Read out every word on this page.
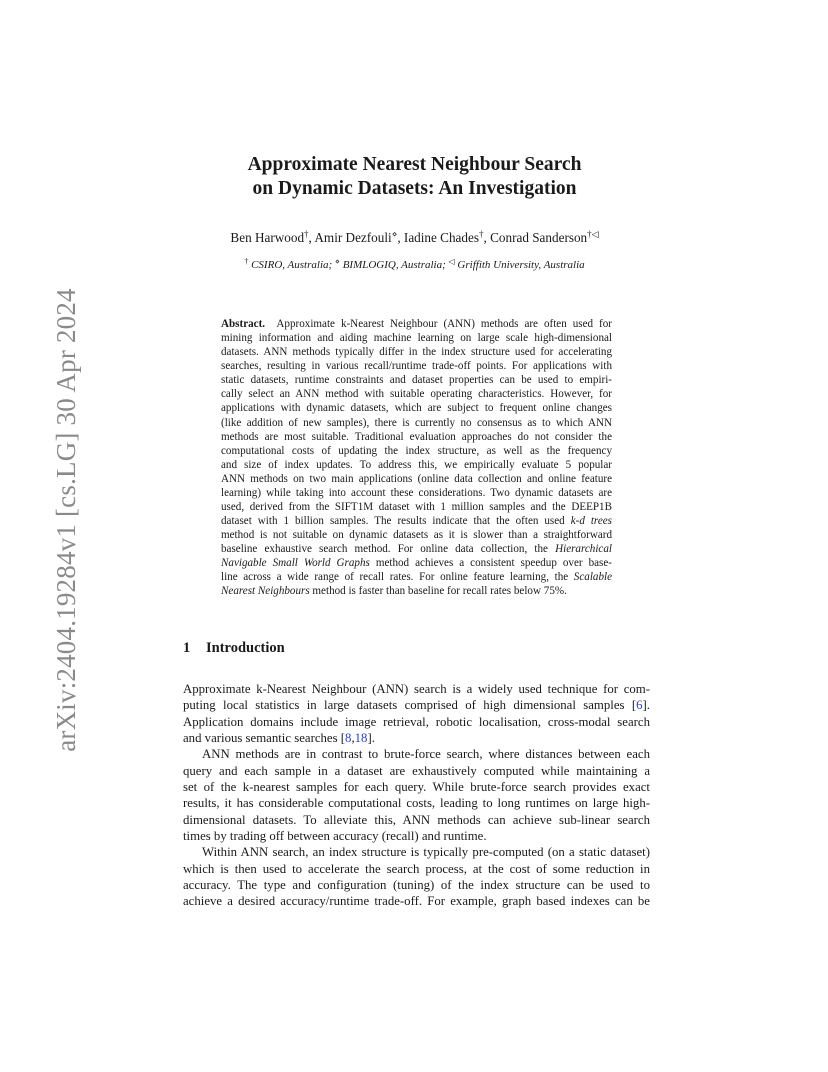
arXiv:2404.19284v1 [cs.LG] 30 Apr 2024
Approximate Nearest Neighbour Search
on Dynamic Datasets: An Investigation
Ben Harwood†, Amir Dezfouli⋄, Iadine Chades†, Conrad Sanderson†◁
† CSIRO, Australia; ⋄ BIMLOGIQ, Australia; ◁ Griffith University, Australia
Abstract. Approximate k-Nearest Neighbour (ANN) methods are often used for
mining information and aiding machine learning on large scale high-dimensional
datasets. ANN methods typically differ in the index structure used for accelerating
searches, resulting in various recall/runtime trade-off points. For applications with
static datasets, runtime constraints and dataset properties can be used to empiri-
cally select an ANN method with suitable operating characteristics. However, for
applications with dynamic datasets, which are subject to frequent online changes
(like addition of new samples), there is currently no consensus as to which ANN
methods are most suitable. Traditional evaluation approaches do not consider the
computational costs of updating the index structure, as well as the frequency
and size of index updates. To address this, we empirically evaluate 5 popular
ANN methods on two main applications (online data collection and online feature
learning) while taking into account these considerations. Two dynamic datasets are
used, derived from the SIFT1M dataset with 1 million samples and the DEEP1B
dataset with 1 billion samples. The results indicate that the often used k-d trees
method is not suitable on dynamic datasets as it is slower than a straightforward
baseline exhaustive search method. For online data collection, the Hierarchical
Navigable Small World Graphs method achieves a consistent speedup over base-
line across a wide range of recall rates. For online feature learning, the Scalable
Nearest Neighbours method is faster than baseline for recall rates below 75%.
1 Introduction
Approximate k-Nearest Neighbour (ANN) search is a widely used technique for com-
puting local statistics in large datasets comprised of high dimensional samples [6].
Application domains include image retrieval, robotic localisation, cross-modal search
and various semantic searches [8,18].
ANN methods are in contrast to brute-force search, where distances between each
query and each sample in a dataset are exhaustively computed while maintaining a
set of the k-nearest samples for each query. While brute-force search provides exact
results, it has considerable computational costs, leading to long runtimes on large high-
dimensional datasets. To alleviate this, ANN methods can achieve sub-linear search
times by trading off between accuracy (recall) and runtime.
Within ANN search, an index structure is typically pre-computed (on a static dataset)
which is then used to accelerate the search process, at the cost of some reduction in
accuracy. The type and configuration (tuning) of the index structure can be used to
achieve a desired accuracy/runtime trade-off. For example, graph based indexes can be
